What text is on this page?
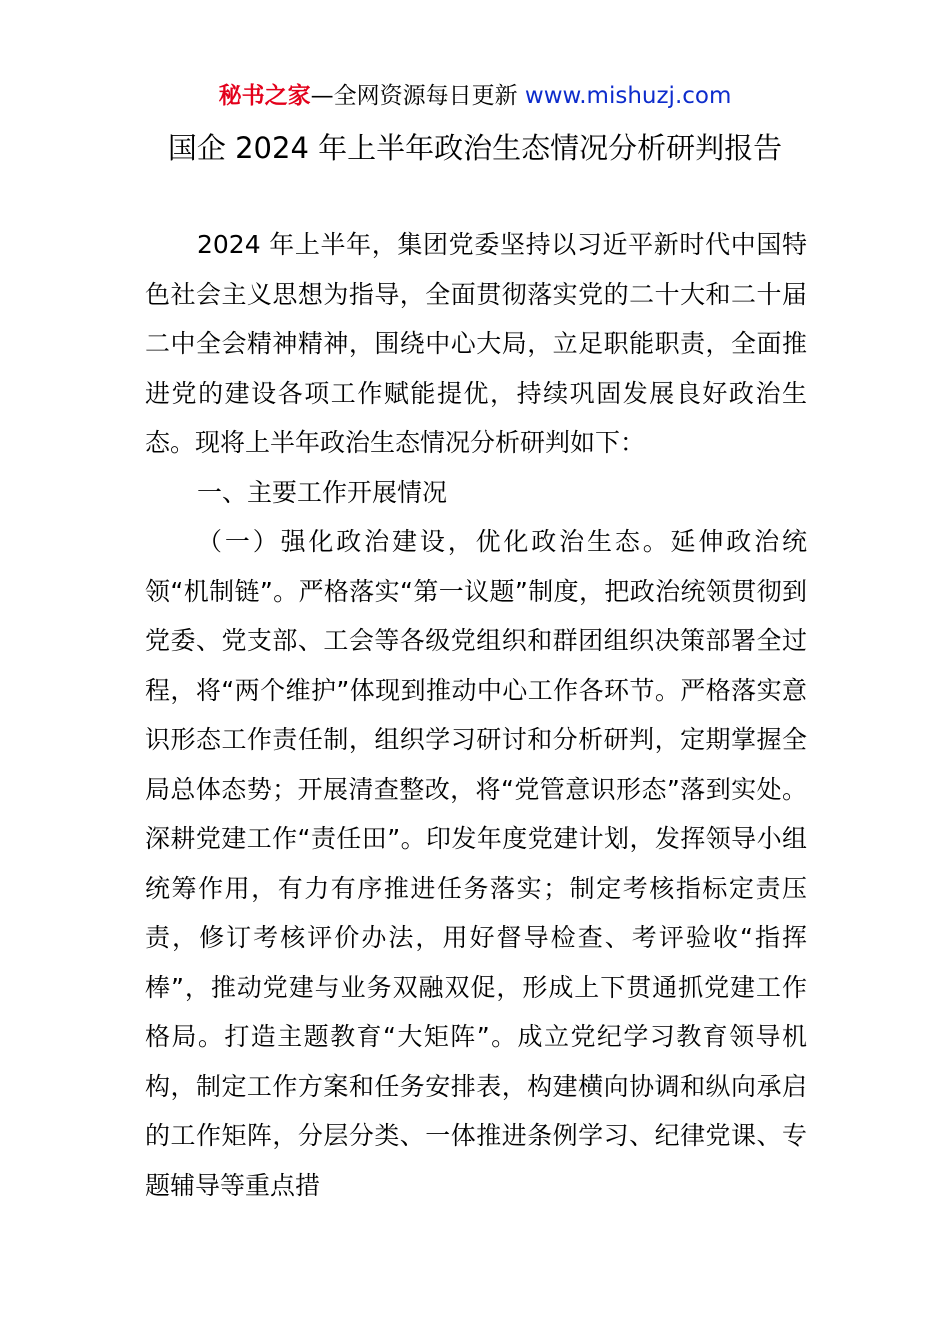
秘书之家—全网资源每日更新 www.mishuzj.com
国企 2024 年上半年政治生态情况分析研判报告

2024 年上半年，集团党委坚持以习近平新时代中国特色社会主义思想为指导，全面贯彻落实党的二十大和二十届二中全会精神精神，围绕中心大局，立足职能职责，全面推进党的建设各项工作赋能提优，持续巩固发展良好政治生态。现将上半年政治生态情况分析研判如下：

一、主要工作开展情况

（一）强化政治建设，优化政治生态。延伸政治统领“机制链”。严格落实“第一议题”制度，把政治统领贯彻到党委、党支部、工会等各级党组织和群团组织决策部署全过程，将“两个维护”体现到推动中心工作各环节。严格落实意识形态工作责任制，组织学习研讨和分析研判，定期掌握全局总体态势；开展清查整改，将“党管意识形态”落到实处。深耕党建工作“责任田”。印发年度党建计划，发挥领导小组统筹作用，有力有序推进任务落实；制定考核指标定责压责，修订考核评价办法，用好督导检查、考评验收“指挥棒”，推动党建与业务双融双促，形成上下贯通抓党建工作格局。打造主题教育“大矩阵”。成立党纪学习教育领导机构，制定工作方案和任务安排表，构建横向协调和纵向承启的工作矩阵，分层分类、一体推进条例学习、纪律党课、专题辅导等重点措
